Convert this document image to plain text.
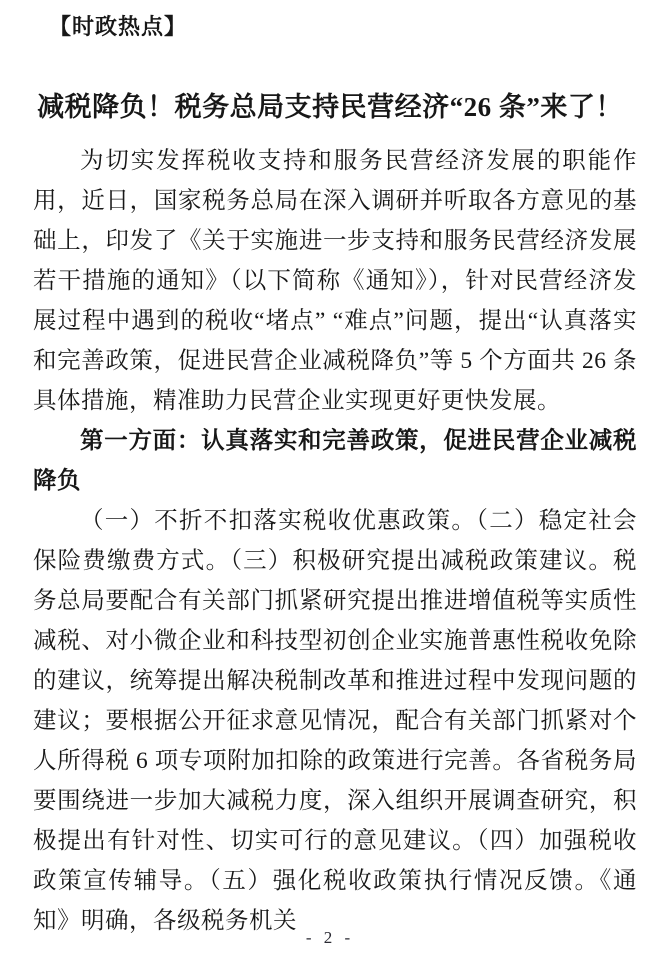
【时政热点】
减税降负！税务总局支持民营经济“26 条”来了！

为切实发挥税收支持和服务民营经济发展的职能作用，近日，国家税务总局在深入调研并听取各方意见的基础上，印发了《关于实施进一步支持和服务民营经济发展若干措施的通知》（以下简称《通知》），针对民营经济发展过程中遇到的税收“堵点” “难点”问题，提出“认真落实和完善政策，促进民营企业减税降负”等 5 个方面共 26 条具体措施，精准助力民营企业实现更好更快发展。

第一方面：认真落实和完善政策，促进民营企业减税降负

（一）不折不扣落实税收优惠政策。（二）稳定社会保险费缴费方式。（三）积极研究提出减税政策建议。税务总局要配合有关部门抓紧研究提出推进增值税等实质性减税、对小微企业和科技型初创企业实施普惠性税收免除的建议，统筹提出解决税制改革和推进过程中发现问题的建议；要根据公开征求意见情况，配合有关部门抓紧对个人所得税 6 项专项附加扣除的政策进行完善。各省税务局要围绕进一步加大减税力度，深入组织开展调查研究，积极提出有针对性、切实可行的意见建议。（四）加强税收政策宣传辅导。（五）强化税收政策执行情况反馈。《通知》明确，各级税务机关

- 2 -
